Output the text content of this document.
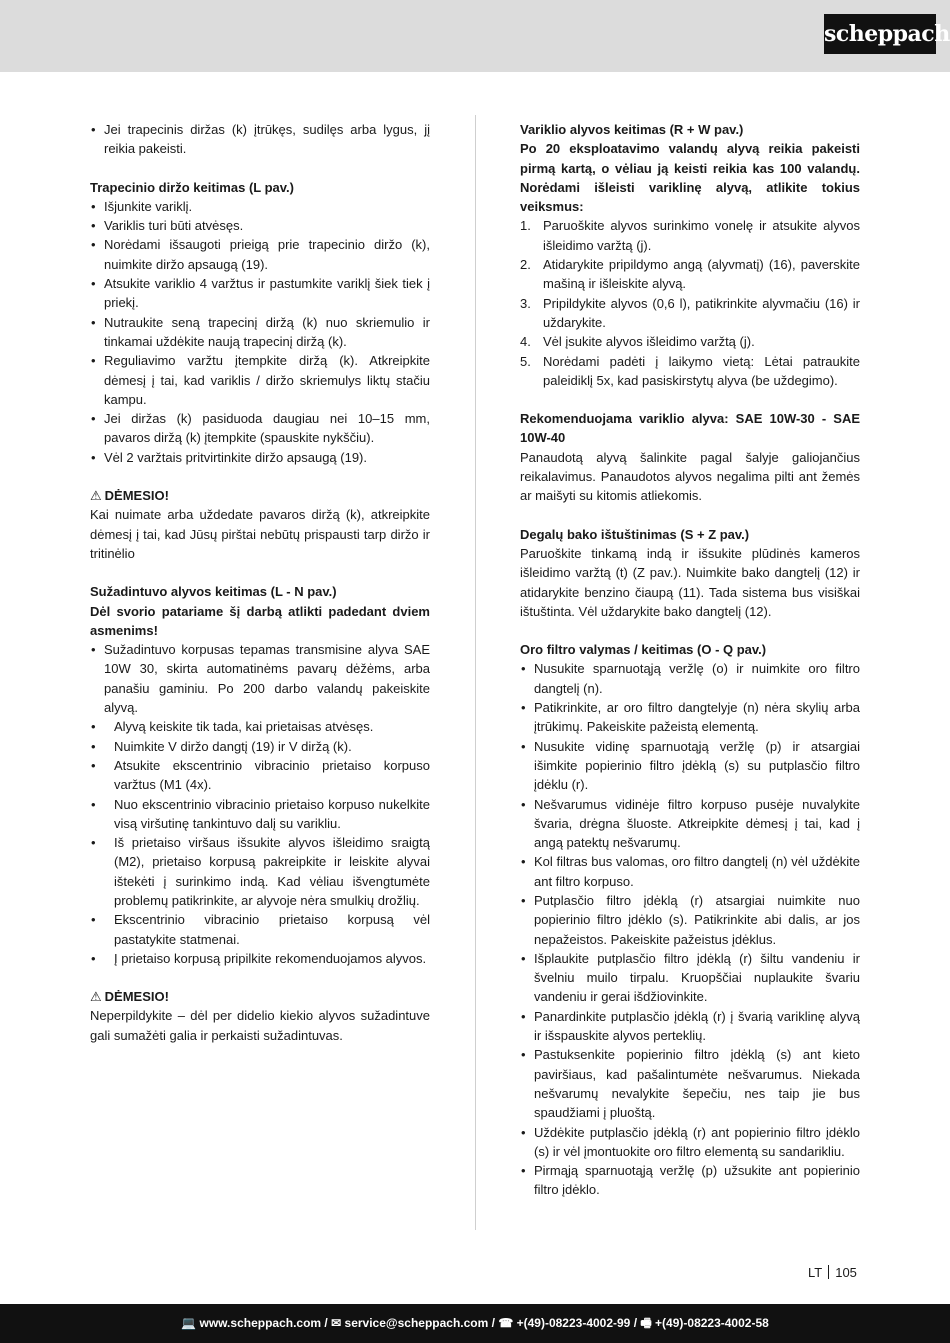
scheppach
• Jei trapecinis diržas (k) įtrūkęs, sudilęs arba lygus, jį reikia pakeisti.
Trapecinio diržo keitimas (L pav.)
• Išjunkite variklį.
• Variklis turi būti atvėsęs.
• Norėdami išsaugoti prieigą prie trapecinio diržo (k), nuimkite diržo apsaugą (19).
• Atsukite variklio 4 varžtus ir pastumkite variklį šiek tiek į priekį.
• Nutraukite seną trapecinį diržą (k) nuo skriemulio ir tinkamai uždėkite naują trapecinį diržą (k).
• Reguliavimo varžtu įtempkite diržą (k). Atkreipkite dėmesį į tai, kad variklis / diržo skriemulys liktų stačiu kampu.
• Jei diržas (k) pasiduoda daugiau nei 10–15 mm, pavaros diržą (k) įtempkite (spauskite nykščiu).
• Vėl 2 varžtais pritvirtinkite diržo apsaugą (19).
⚠ DĖMESIO!
Kai nuimate arba uždedate pavaros diržą (k), atkreipkite dėmesį į tai, kad Jūsų pirštai nebūtų prispausti tarp diržo ir tritinėlio
Sužadintuvo alyvos keitimas (L - N pav.)
Dėl svorio patariame šį darbą atlikti padedant dviem asmenims!
• Sužadintuvo korpusas tepamas transmisine alyva SAE 10W 30, skirta automatinėms pavarų dėžėms, arba panašiu gaminiu. Po 200 darbo valandų pakeiskite alyvą.
• Alyvą keiskite tik tada, kai prietaisas atvėsęs.
• Nuimkite V diržo dangtį (19) ir V diržą (k).
• Atsukite ekscentrinio vibracinio prietaiso korpuso varžtus (M1 (4x).
• Nuo ekscentrinio vibracinio prietaiso korpuso nukelkite visą viršutinę tankintuvo dalį su varikliu.
• Iš prietaiso viršaus išsukite alyvos išleidimo sraigtą (M2), prietaiso korpusą pakreipkite ir leiskite alyvai ištekėti į surinkimo indą. Kad vėliau išvengtumėte problemų patikrinkite, ar alyvoje nėra smulkių drožlių.
• Ekscentrinio vibracinio prietaiso korpusą vėl pastatykite statmenai.
• Į prietaiso korpusą pripilkite rekomenduojamos alyvos.
⚠ DĖMESIO!
Neperpildykite – dėl per didelio kiekio alyvos sužadintuve gali sumažėti galia ir perkaisti sužadintuvas.
Variklio alyvos keitimas (R + W pav.)
Po 20 eksploatavimo valandų alyvą reikia pakeisti pirmą kartą, o vėliau ją keisti reikia kas 100 valandų. Norėdami išleisti variklinę alyvą, atlikite tokius veiksmus:
1. Paruoškite alyvos surinkimo vonelę ir atsukite alyvos išleidimo varžtą (j).
2. Atidarykite pripildymo angą (alyvmatį) (16), paverskite mašiną ir išleiskite alyvą.
3. Pripildykite alyvos (0,6 l), patikrinkite alyvmačiu (16) ir uždarykite.
4. Vėl įsukite alyvos išleidimo varžtą (j).
5. Norėdami padėti į laikymo vietą: Lėtai patraukite paleidiklį 5x, kad pasiskirstytų alyva (be uždegimo).
Rekomenduojama variklio alyva: SAE 10W-30 - SAE 10W-40
Panaudotą alyvą šalinkite pagal šalyje galiojančius reikalavimus. Panaudotos alyvos negalima pilti ant žemės ar maišyti su kitomis atliekomis.
Degalų bako ištuštinimas (S + Z pav.)
Paruoškite tinkamą indą ir išsukite plūdinės kameros išleidimo varžtą (t) (Z pav.). Nuimkite bako dangtelį (12) ir atidarykite benzino čiaupą (11). Tada sistema bus visiškai ištuštinta. Vėl uždarykite bako dangtelį (12).
Oro filtro valymas / keitimas (O - Q pav.)
• Nusukite sparnuotąją veržlę (o) ir nuimkite oro filtro dangtelį (n).
• Patikrinkite, ar oro filtro dangtelyje (n) nėra skylių arba įtrūkimų. Pakeiskite pažeistą elementą.
• Nusukite vidinę sparnuotąją veržlę (p) ir atsargiai išimkite popierinio filtro įdėklą (s) su putplasčio filtro įdėklu (r).
• Nešvarumus vidinėje filtro korpuso pusėje nuvalykite švaria, drėgna šluoste. Atkreipkite dėmesį į tai, kad į angą patektų nešvarumų.
• Kol filtras bus valomas, oro filtro dangtelį (n) vėl uždėkite ant filtro korpuso.
• Putplasčio filtro įdėklą (r) atsargiai nuimkite nuo popierinio filtro įdėklo (s). Patikrinkite abi dalis, ar jos nepažeistos. Pakeiskite pažeistus įdėklus.
• Išplaukite putplasčio filtro įdėklą (r) šiltu vandeniu ir švelniu muilo tirpalu. Kruopščiai nuplaukite švariu vandeniu ir gerai išdžiovinkite.
• Panardinkite putplasčio įdėklą (r) į švarią variklinę alyvą ir išspauskite alyvos perteklių.
• Pastuksenkite popierinio filtro įdėklą (s) ant kieto paviršiaus, kad pašalintumėte nešvarumus. Niekada nešvarumų nevalykite šepečiu, nes taip jie bus spaudžiami į pluoštą.
• Uždėkite putplasčio įdėklą (r) ant popierinio filtro įdėklo (s) ir vėl įmontuokite oro filtro elementą su sandarikliu.
• Pirmąją sparnuotąją veržlę (p) užsukite ant popierinio filtro įdėklo.
LT 105
💻 www.scheppach.com / ✉ service@scheppach.com / ☎ +(49)-08223-4002-99 / 🖷 +(49)-08223-4002-58
